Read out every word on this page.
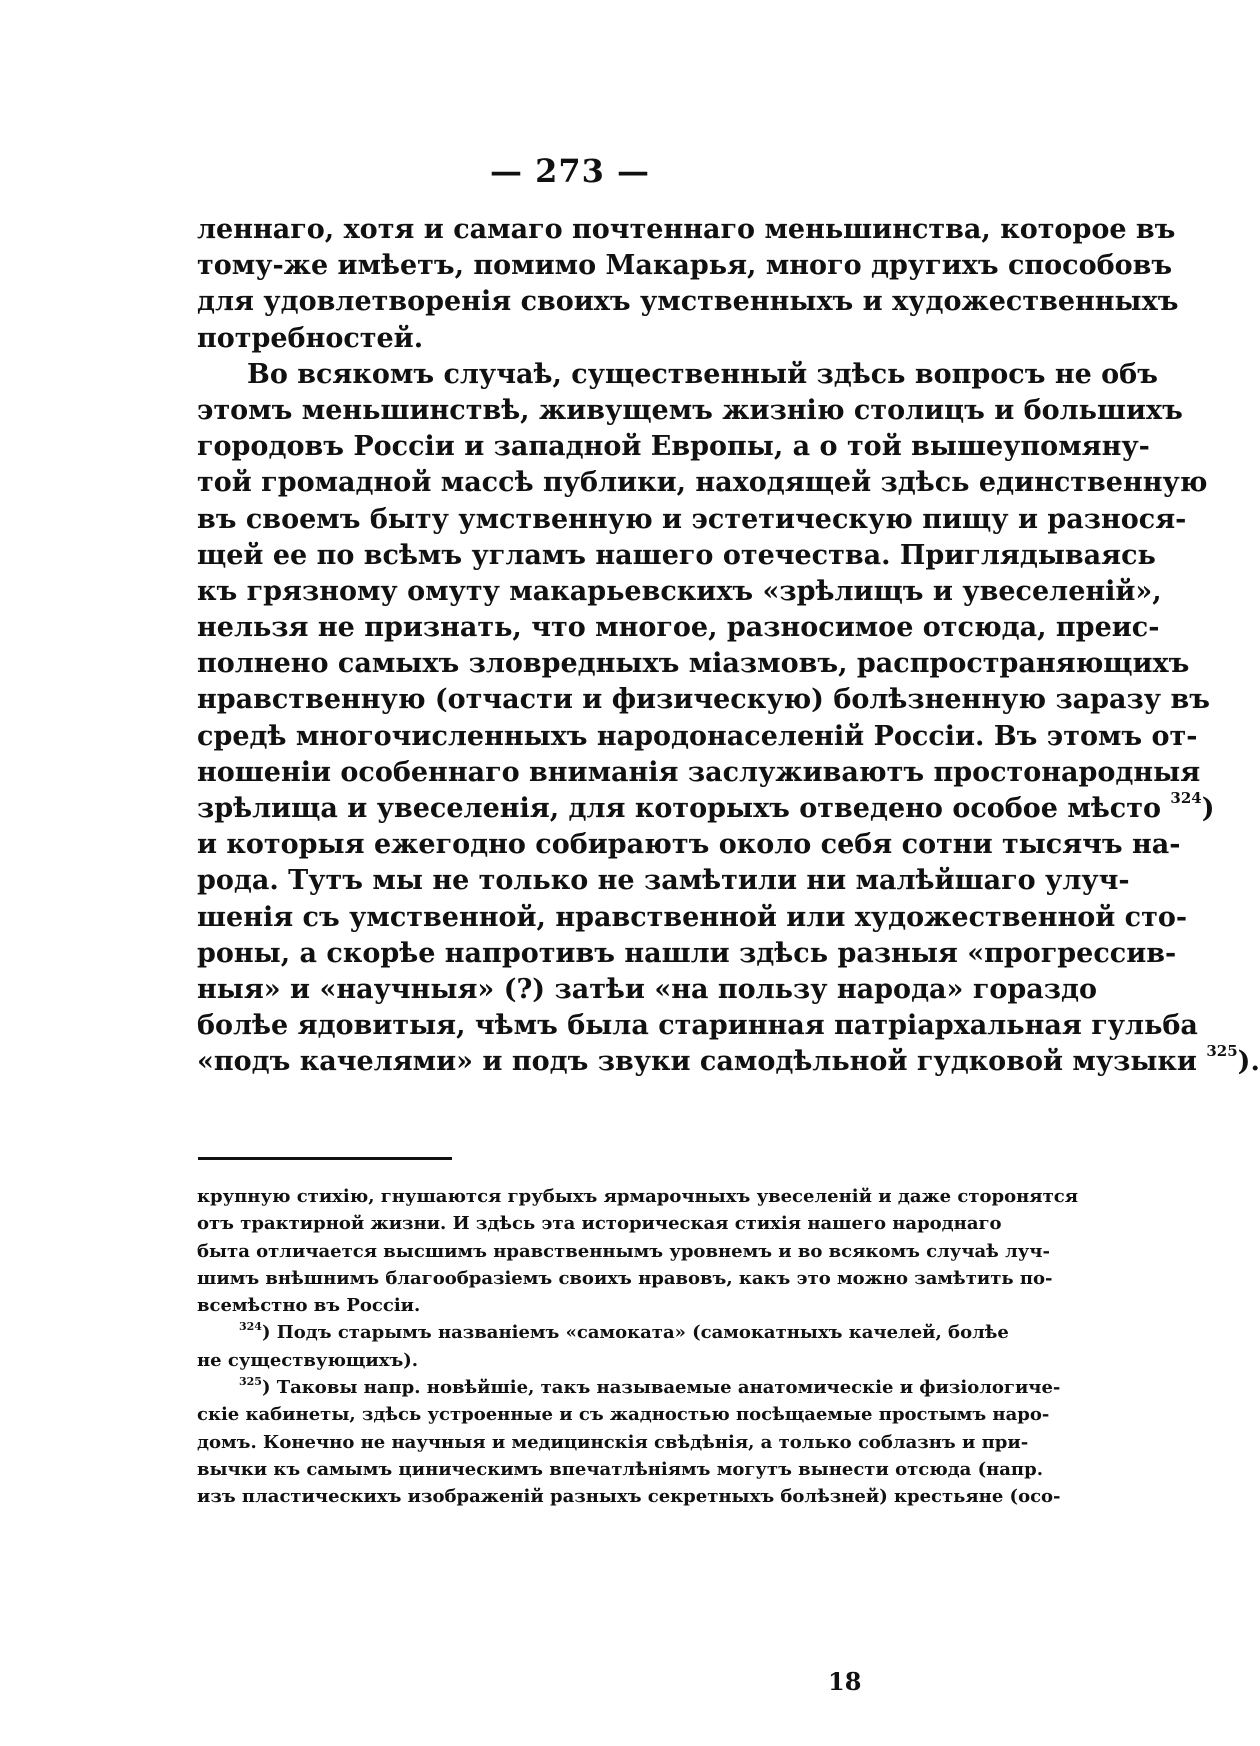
— 273 —
леннаго, хотя и самаго почтеннаго меньшинства, которое въ
тому-же имѣетъ, помимо Макарья, много другихъ способовъ
для удовлетворенія своихъ умственныхъ и художественныхъ
потребностей.
Во всякомъ случаѣ, существенный здѣсь вопросъ не объ
этомъ меньшинствѣ, живущемъ жизнію столицъ и большихъ
городовъ Россіи и западной Европы, а о той вышеупомяну-
той громадной массѣ публики, находящей здѣсь единственную
въ своемъ быту умственную и эстетическую пищу и разнося-
щей ее по всѣмъ угламъ нашего отечества. Приглядываясь
къ грязному омуту макарьевскихъ «зрѣлищъ и увеселеній»,
нельзя не признать, что многое, разносимое отсюда, преис-
полнено самыхъ зловредныхъ міазмовъ, распространяющихъ
нравственную (отчасти и физическую) болѣзненную заразу въ
средѣ многочисленныхъ народонаселеній Россіи. Въ этомъ от-
ношеніи особеннаго вниманія заслуживаютъ простонародныя
зрѣлища и увеселенія, для которыхъ отведено особое мѣсто $^{324}$)
и которыя ежегодно собираютъ около себя сотни тысячъ на-
рода. Тутъ мы не только не замѣтили ни малѣйшаго улуч-
шенія съ умственной, нравственной или художественной сто-
роны, а скорѣе напротивъ нашли здѣсь разныя «прогрессив-
ныя» и «научныя» (?) затѣи «на пользу народа» гораздо
болѣе ядовитыя, чѣмъ была старинная патріархальная гульба
«подъ качелями» и подъ звуки самодѣльной гудковой музыки $^{325}$).
крупную стихію, гнушаются грубыхъ ярмарочныхъ увеселеній и даже сторонятся
отъ трактирной жизни. И здѣсь эта историческая стихія нашего народнаго
быта отличается высшимъ нравственнымъ уровнемъ и во всякомъ случаѣ луч-
шимъ внѣшнимъ благообразіемъ своихъ нравовъ, какъ это можно замѣтить по-
всемѣстно въ Россіи.
$^{324}$) Подъ старымъ названіемъ «самоката» (самокатныхъ качелей, болѣе
не существующихъ).
$^{325}$) Таковы напр. новѣйшіе, такъ называемые анатомическіе и физіологиче-
скіе кабинеты, здѣсь устроенные и съ жадностью посѣщаемые простымъ наро-
домъ. Конечно не научныя и медицинскія свѣдѣнія, а только соблазнъ и при-
вычки къ самымъ циническимъ впечатлѣніямъ могутъ вынести отсюда (напр.
изъ пластическихъ изображеній разныхъ секретныхъ болѣзней) крестьяне (осо-
18
